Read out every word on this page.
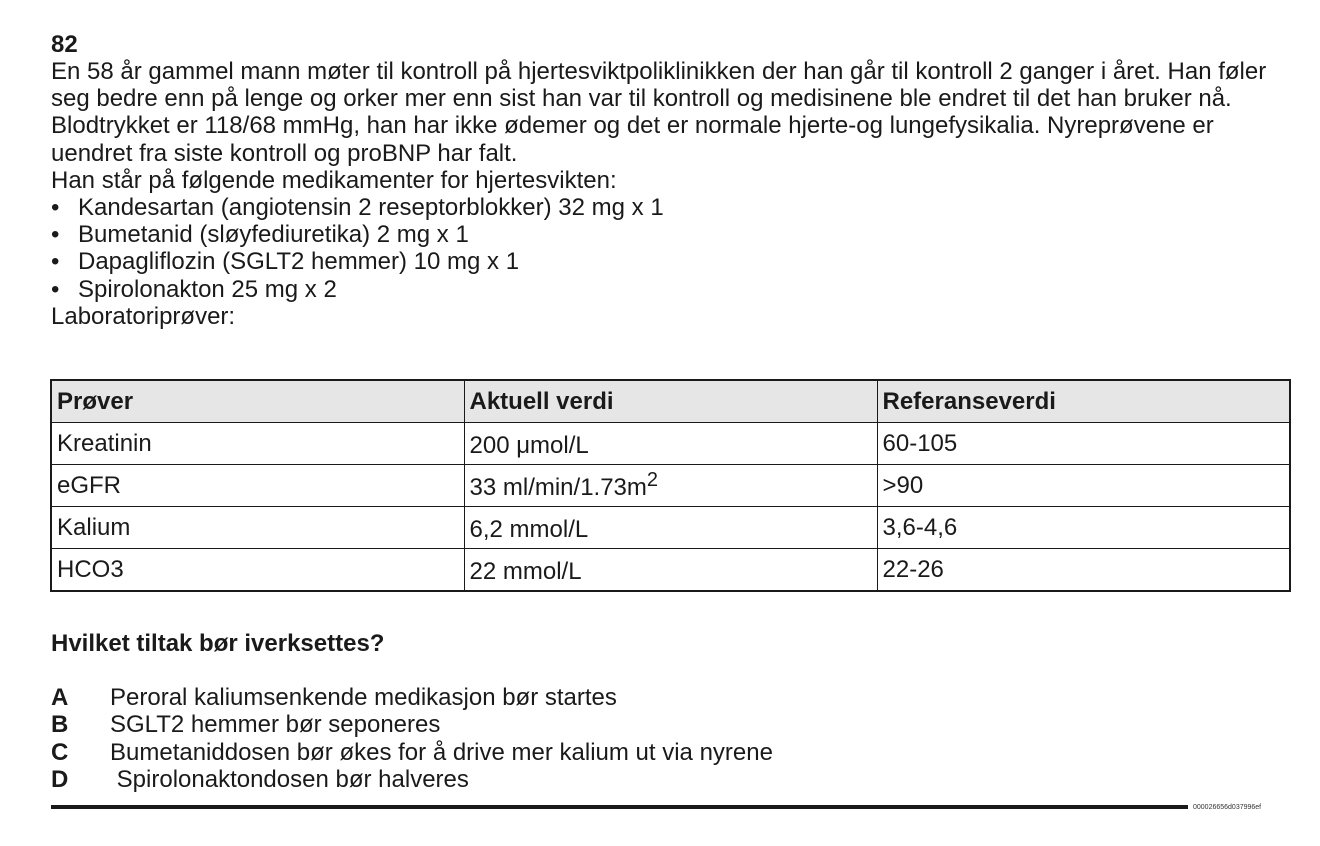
82

En 58 år gammel mann møter til kontroll på hjertesviktpoliklinikken der han går til kontroll 2 ganger i året. Han føler seg bedre enn på lenge og orker mer enn sist han var til kontroll og medisinene ble endret til det han bruker nå. Blodtrykket er 118/68 mmHg, han har ikke ødemer og det er normale hjerte-og lungefysikalia. Nyreprøvene er uendret fra siste kontroll og proBNP har falt.

Han står på følgende medikamenter for hjertesvikten:

• Kandesartan (angiotensin 2 reseptorblokker) 32 mg x 1
• Bumetanid (sløyfediuretika) 2 mg x 1
• Dapagliflozin (SGLT2 hemmer) 10 mg x 1
• Spirolonakton 25 mg x 2

Laboratoriprøver:

Prøver	Aktuell verdi	Referanseverdi
Kreatinin	200 μmol/L	60-105
eGFR	33 $ml/\min/1.73m^2$	>90
Kalium	6,2 mmol/L	3,6-4,6
HCO3	22 mmol/L	22-26
Hvilket tiltak bør iverksettes?
A	Peroral kaliumsenkende medikasjon bør startes
B	SGLT2 hemmer bør seponeres
C	Bumetaniddosen bør økes for å drive mer kalium ut via nyrene
D	Spirolonaktondosen bør halveres
000026656d037996ef
